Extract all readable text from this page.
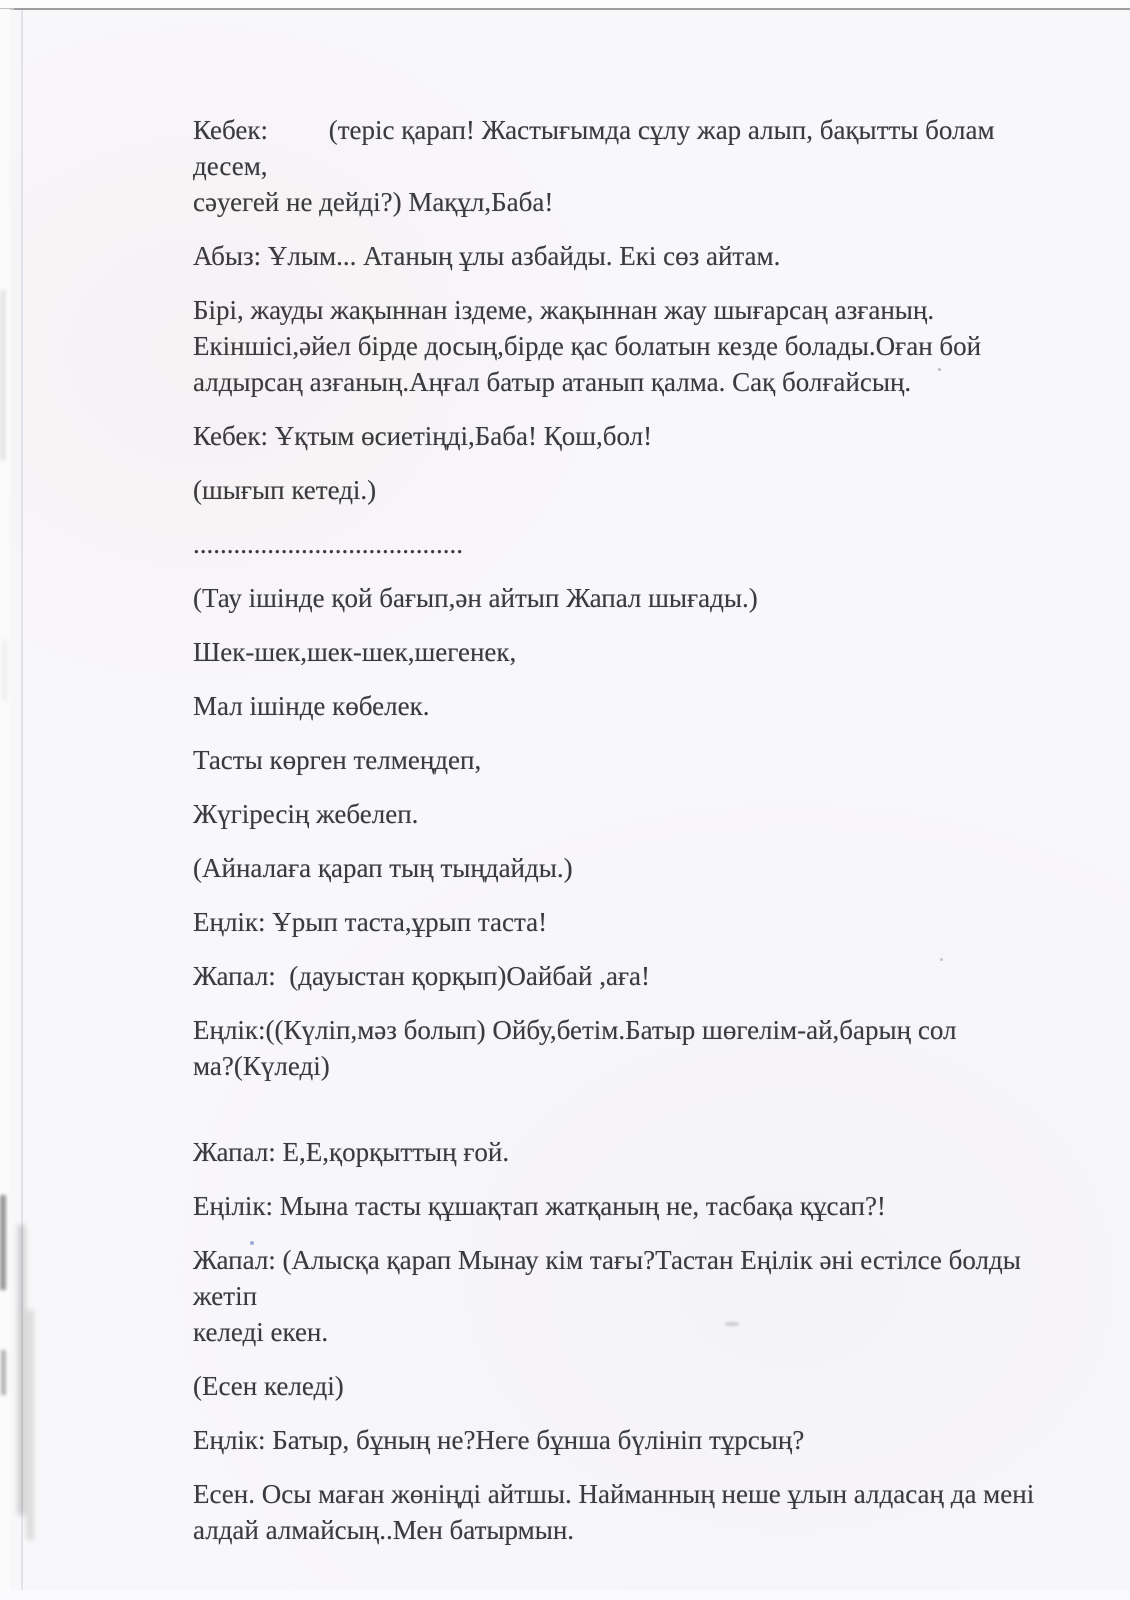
Кебек:         (теріс қарап! Жастығымда сұлу жар алып, бақытты болам десем,
сәуегей не дейді?) Мақұл,Баба!
Абыз: Ұлым... Атаның ұлы азбайды. Екі сөз айтам.
Бірі, жауды жақыннан іздеме, жақыннан жау шығарсаң азғаның.
Екіншісі,әйел бірде досың,бірде қас болатын кезде болады.Оған бой
алдырсаң азғаның.Аңғал батыр атанып қалма. Сақ болғайсың.
Кебек: Ұқтым өсиетіңді,Баба! Қош,бол!
(шығып кетеді.)
........................................
(Тау ішінде қой бағып,ән айтып Жапал шығады.)
Шек-шек,шек-шек,шегенек,
Мал ішінде көбелек.
Тасты көрген телмеңдеп,
Жүгіресің жебелеп.
(Айналаға қарап тың тыңдайды.)
Еңлік: Ұрып таста,ұрып таста!
Жапал:  (дауыстан қорқып)Оайбай ,аға!
Еңлік:((Күліп,мәз болып) Ойбу,бетім.Батыр шөгелім-ай,барың сол
ма?(Күледі)
Жапал: Е,Е,қорқыттың ғой.
Еңілік: Мына тасты құшақтап жатқаның не, тасбақа құсап?!
Жапал: (Алысқа қарап Мынау кім тағы?Тастан Еңілік әні естілсе болды жетіп
келеді екен.
(Есен келеді)
Еңлік: Батыр, бұның не?Неге бұнша бүлініп тұрсың?
Есен. Осы маған жөніңді айтшы. Найманның неше ұлын алдасаң да мені
алдай алмайсың..Мен батырмын.
